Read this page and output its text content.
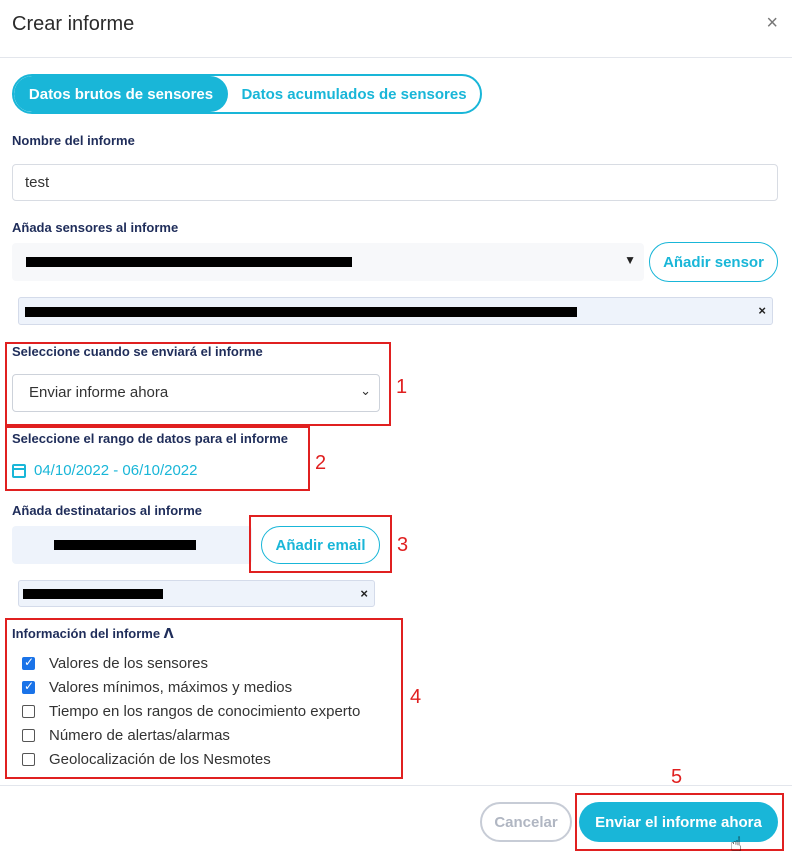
Crear informe	×
Datos brutos de sensores	Datos acumulados de sensores
Nombre del informe
test
Añada sensores al informe
▼	Añadir sensor
×
Seleccione cuando se enviará el informe
Enviar informe ahora	⌄ 1
Seleccione el rango de datos para el informe
04/10/2022 - 06/10/2022	2
Añada destinatarios al informe
Añadir email	3
×
Información del informe ᐱ
✓
Valores de los sensores
✓
Valores mínimos, máximos y medios
Tiempo en los rangos de conocimiento experto
Número de alertas/alarmas
Geolocalización de los Nesmotes
4
5
Cancelar	Enviar el informe ahora
☝
